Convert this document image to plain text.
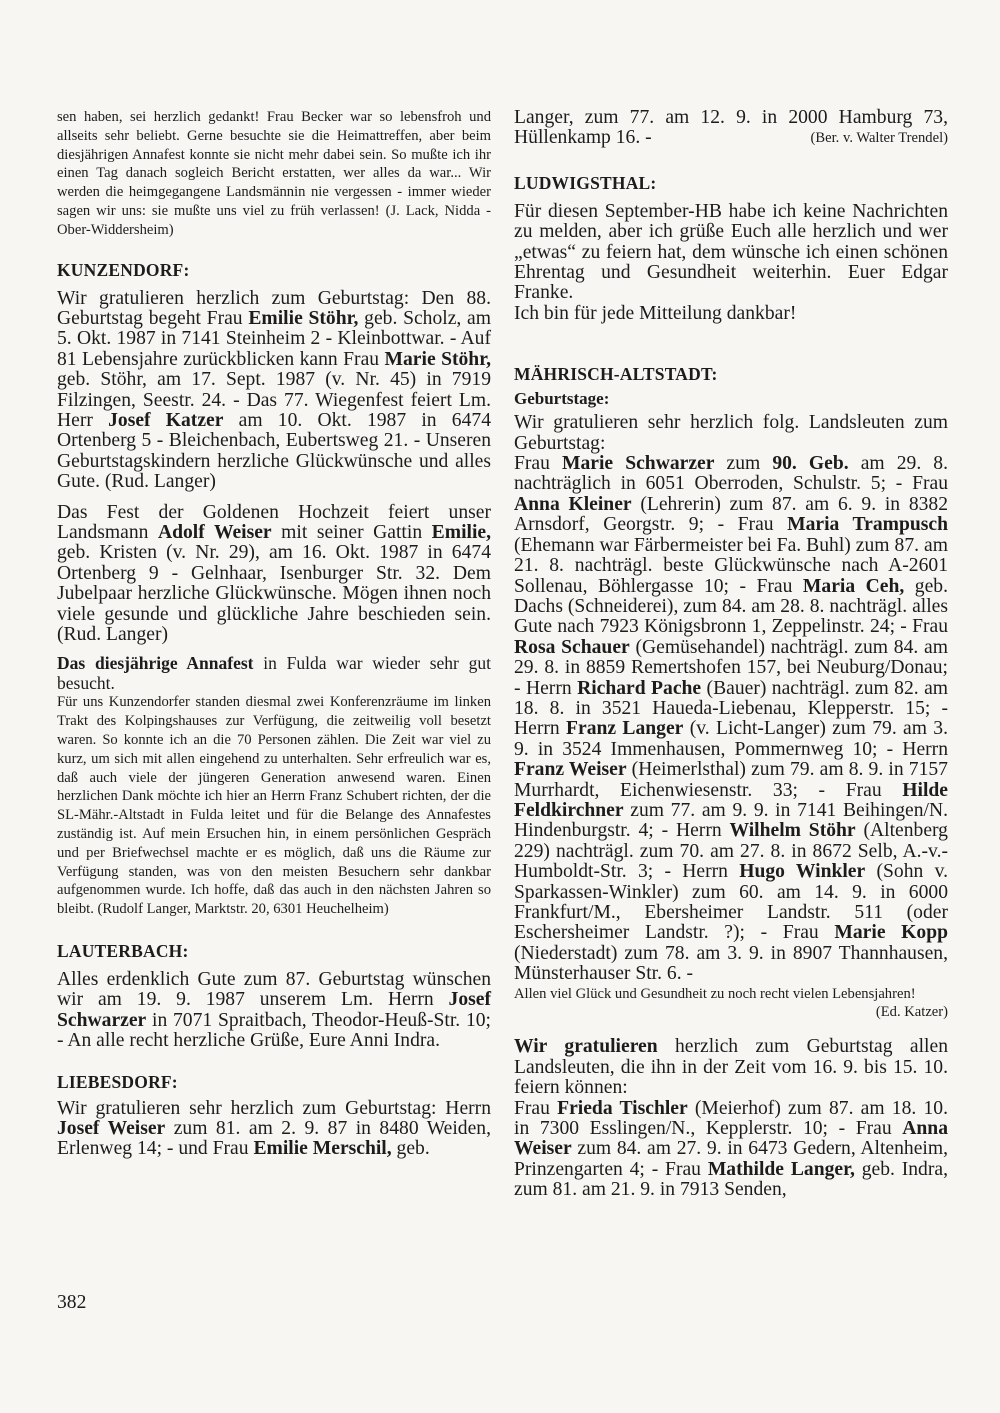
sen haben, sei herzlich gedankt! Frau Becker war so lebensfroh und allseits sehr beliebt. Gerne besuchte sie die Heimattreffen, aber beim diesjährigen Annafest konnte sie nicht mehr dabei sein. So mußte ich ihr einen Tag danach sogleich Bericht erstatten, wer alles da war... Wir werden die heimgegangene Landsmännin nie vergessen - immer wieder sagen wir uns: sie mußte uns viel zu früh verlassen! (J. Lack, Nidda - Ober-Widdersheim)

KUNZENDORF:

Wir gratulieren herzlich zum Geburtstag: Den 88. Geburtstag begeht Frau Emilie Stöhr, geb. Scholz, am 5. Okt. 1987 in 7141 Steinheim 2 - Kleinbottwar. - Auf 81 Lebensjahre zurückblicken kann Frau Marie Stöhr, geb. Stöhr, am 17. Sept. 1987 (v. Nr. 45) in 7919 Filzingen, Seestr. 24. - Das 77. Wiegenfest feiert Lm. Herr Josef Katzer am 10. Okt. 1987 in 6474 Ortenberg 5 - Bleichenbach, Eubertsweg 21. - Unseren Geburtstagskindern herzliche Glückwünsche und alles Gute. (Rud. Langer)

Das Fest der Goldenen Hochzeit feiert unser Landsmann Adolf Weiser mit seiner Gattin Emilie, geb. Kristen (v. Nr. 29), am 16. Okt. 1987 in 6474 Ortenberg 9 - Gelnhaar, Isenburger Str. 32. Dem Jubelpaar herzliche Glückwünsche. Mögen ihnen noch viele gesunde und glückliche Jahre beschieden sein. (Rud. Langer)

Das diesjährige Annafest in Fulda war wieder sehr gut besucht.

Für uns Kunzendorfer standen diesmal zwei Konferenzräume im linken Trakt des Kolpingshauses zur Verfügung, die zeitweilig voll besetzt waren. So konnte ich an die 70 Personen zählen. Die Zeit war viel zu kurz, um sich mit allen eingehend zu unterhalten. Sehr erfreulich war es, daß auch viele der jüngeren Generation anwesend waren. Einen herzlichen Dank möchte ich hier an Herrn Franz Schubert richten, der die SL-Mähr.-Altstadt in Fulda leitet und für die Belange des Annafestes zuständig ist. Auf mein Ersuchen hin, in einem persönlichen Gespräch und per Briefwechsel machte er es möglich, daß uns die Räume zur Verfügung standen, was von den meisten Besuchern sehr dankbar aufgenommen wurde. Ich hoffe, daß das auch in den nächsten Jahren so bleibt. (Rudolf Langer, Marktstr. 20, 6301 Heuchelheim)

LAUTERBACH:

Alles erdenklich Gute zum 87. Geburtstag wünschen wir am 19. 9. 1987 unserem Lm. Herrn Josef Schwarzer in 7071 Spraitbach, Theodor-Heuß-Str. 10; - An alle recht herzliche Grüße, Eure Anni Indra.

LIEBESDORF:

Wir gratulieren sehr herzlich zum Geburtstag: Herrn Josef Weiser zum 81. am 2. 9. 87 in 8480 Weiden, Erlenweg 14; - und Frau Emilie Merschil, geb.

382

Langer, zum 77. am 12. 9. in 2000 Hamburg 73, Hüllenkamp 16. -	(Ber. v. Walter Trendel)

LUDWIGSTHAL:

Für diesen September-HB habe ich keine Nachrichten zu melden, aber ich grüße Euch alle herzlich und wer „etwas“ zu feiern hat, dem wünsche ich einen schönen Ehrentag und Gesundheit weiterhin. Euer Edgar Franke.

Ich bin für jede Mitteilung dankbar!

MÄHRISCH-ALTSTADT:

Geburtstage:

Wir gratulieren sehr herzlich folg. Landsleuten zum Geburtstag:

Frau Marie Schwarzer zum 90. Geb. am 29. 8. nachträglich in 6051 Oberroden, Schulstr. 5; - Frau Anna Kleiner (Lehrerin) zum 87. am 6. 9. in 8382 Arnsdorf, Georgstr. 9; - Frau Maria Trampusch (Ehemann war Färbermeister bei Fa. Buhl) zum 87. am 21. 8. nachträgl. beste Glückwünsche nach A-2601 Sollenau, Böhlergasse 10; - Frau Maria Ceh, geb. Dachs (Schneiderei), zum 84. am 28. 8. nachträgl. alles Gute nach 7923 Königsbronn 1, Zeppelinstr. 24; - Frau Rosa Schauer (Gemüsehandel) nachträgl. zum 84. am 29. 8. in 8859 Remertshofen 157, bei Neuburg/Donau; - Herrn Richard Pache (Bauer) nachträgl. zum 82. am 18. 8. in 3521 Haueda-Liebenau, Klepperstr. 15; - Herrn Franz Langer (v. Licht-Langer) zum 79. am 3. 9. in 3524 Immenhausen, Pommernweg 10; - Herrn Franz Weiser (Heimerlsthal) zum 79. am 8. 9. in 7157 Murrhardt, Eichenwiesenstr. 33; - Frau Hilde Feldkirchner zum 77. am 9. 9. in 7141 Beihingen/N. Hindenburgstr. 4; - Herrn Wilhelm Stöhr (Altenberg 229) nachträgl. zum 70. am 27. 8. in 8672 Selb, A.-v.-Humboldt-Str. 3; - Herrn Hugo Winkler (Sohn v. Sparkassen-Winkler) zum 60. am 14. 9. in 6000 Frankfurt/M., Ebersheimer Landstr. 511 (oder Eschersheimer Landstr. ?); - Frau Marie Kopp (Niederstadt) zum 78. am 3. 9. in 8907 Thannhausen, Münsterhauser Str. 6. -

Allen viel Glück und Gesundheit zu noch recht vielen Lebensjahren!
(Ed. Katzer)

Wir gratulieren herzlich zum Geburtstag allen Landsleuten, die ihn in der Zeit vom 16. 9. bis 15. 10. feiern können:
Frau Frieda Tischler (Meierhof) zum 87. am 18. 10. in 7300 Esslingen/N., Kepplerstr. 10; - Frau Anna Weiser zum 84. am 27. 9. in 6473 Gedern, Altenheim, Prinzengarten 4; - Frau Mathilde Langer, geb. Indra, zum 81. am 21. 9. in 7913 Senden,
